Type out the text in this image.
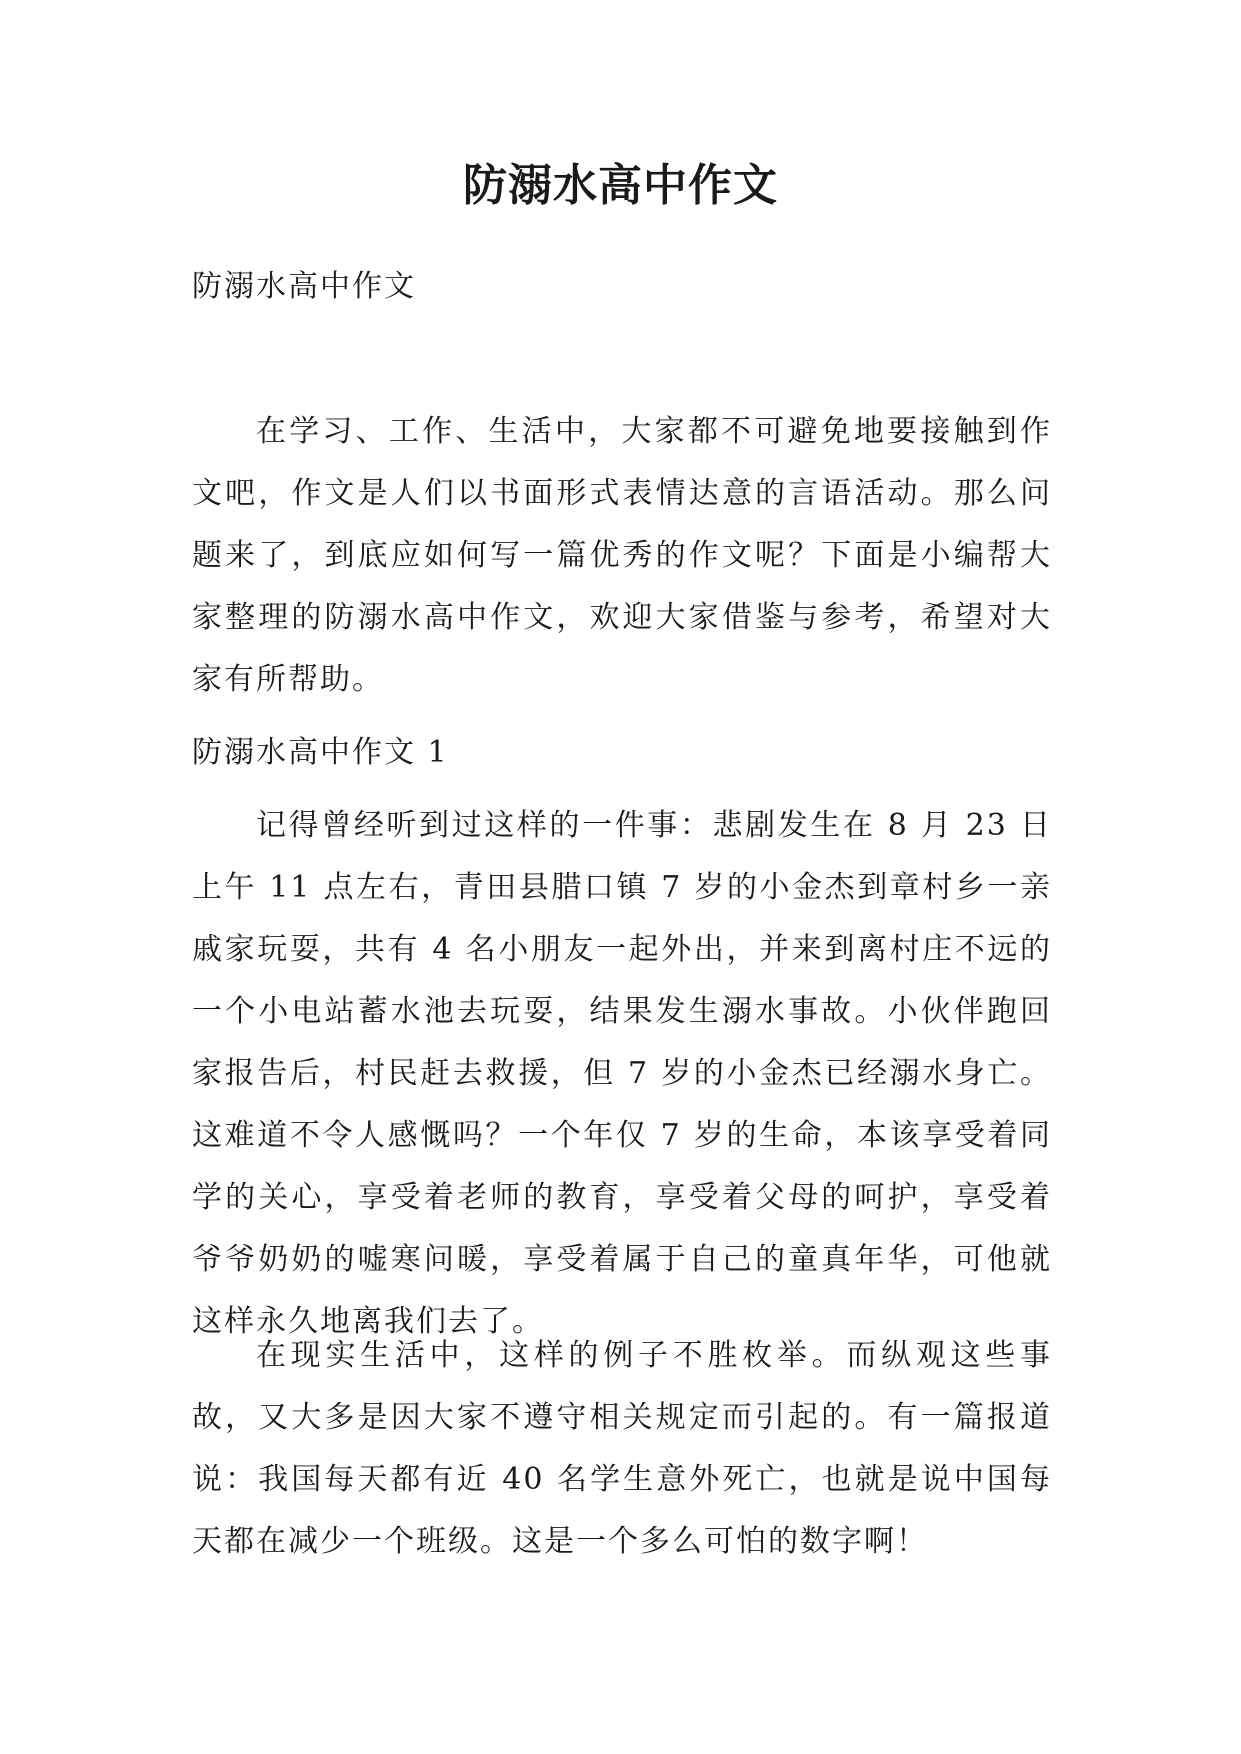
防溺水高中作文

防溺水高中作文

在学习、工作、生活中，大家都不可避免地要接触到作文吧，作文是人们以书面形式表情达意的言语活动。那么问题来了，到底应如何写一篇优秀的作文呢？下面是小编帮大家整理的防溺水高中作文，欢迎大家借鉴与参考，希望对大家有所帮助。

防溺水高中作文 1

记得曾经听到过这样的一件事：悲剧发生在 8 月 23 日上午 11 点左右，青田县腊口镇 7 岁的小金杰到章村乡一亲戚家玩耍，共有 4 名小朋友一起外出，并来到离村庄不远的一个小电站蓄水池去玩耍，结果发生溺水事故。小伙伴跑回家报告后，村民赶去救援，但 7 岁的小金杰已经溺水身亡。这难道不令人感慨吗？一个年仅 7 岁的生命，本该享受着同学的关心，享受着老师的教育，享受着父母的呵护，享受着爷爷奶奶的嘘寒问暖，享受着属于自己的童真年华，可他就这样永久地离我们去了。

在现实生活中，这样的例子不胜枚举。而纵观这些事故，又大多是因大家不遵守相关规定而引起的。有一篇报道说：我国每天都有近 40 名学生意外死亡，也就是说中国每天都在减少一个班级。这是一个多么可怕的数字啊！
